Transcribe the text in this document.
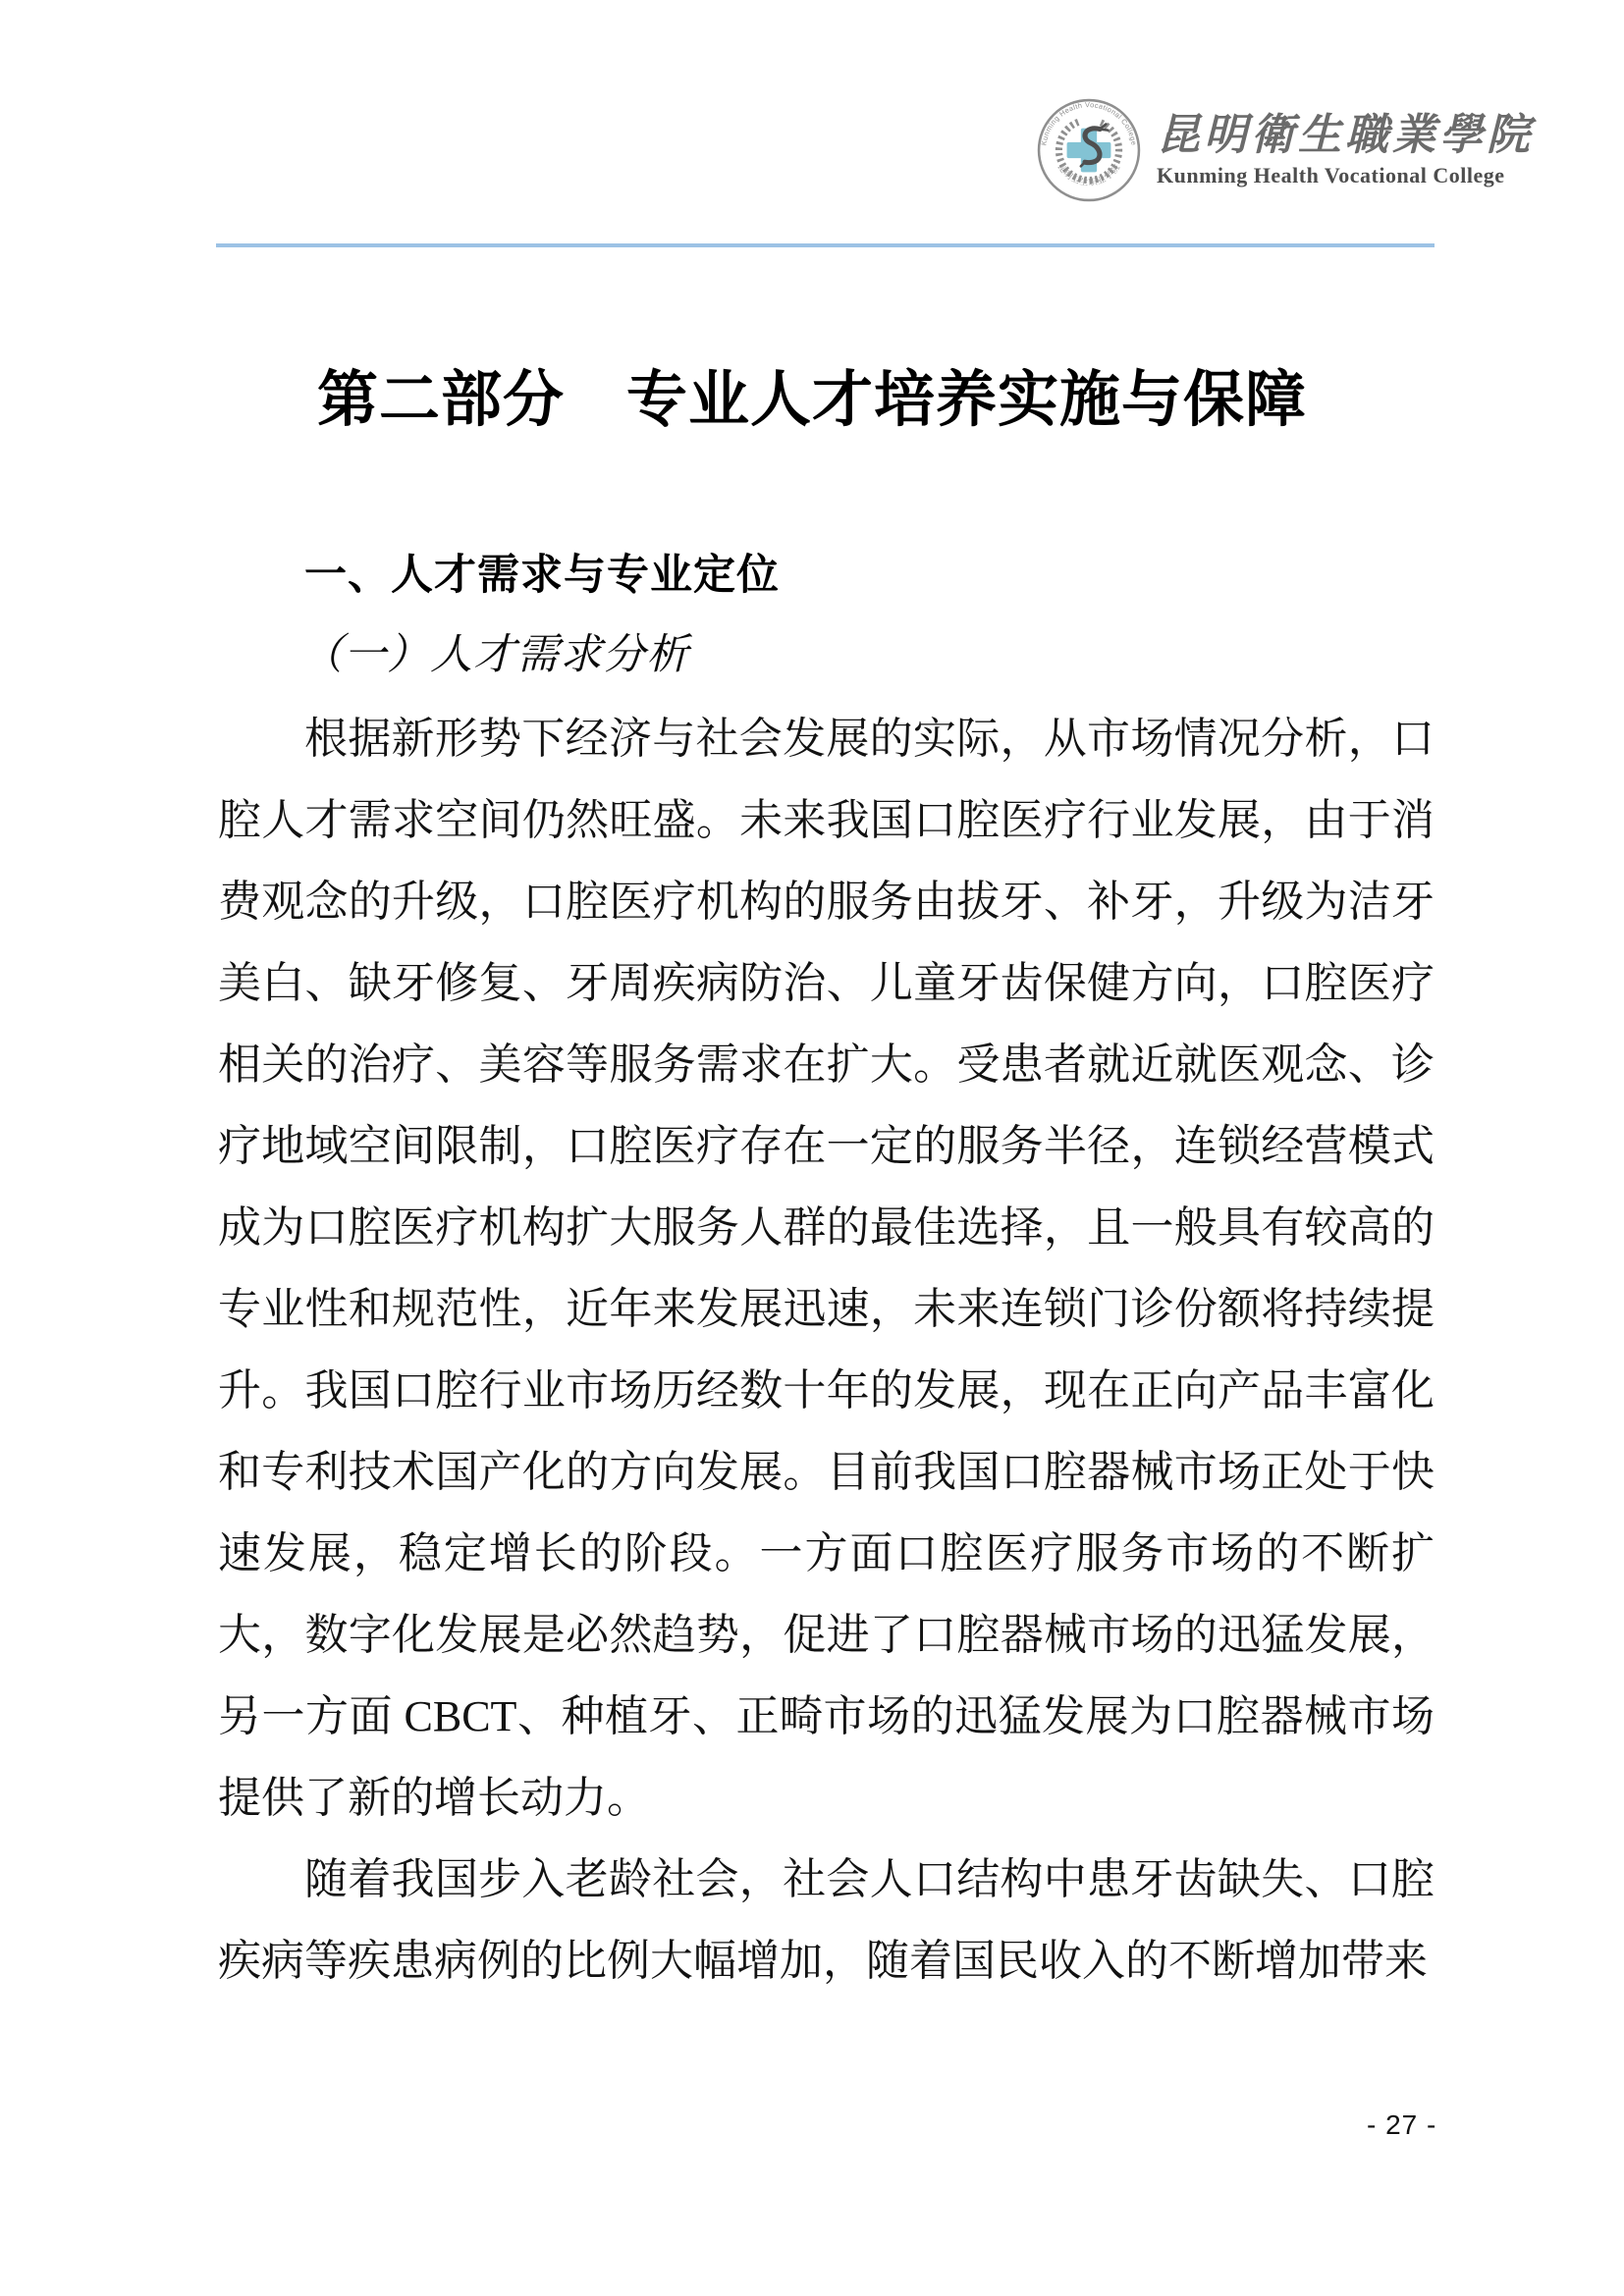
Kunming Health Vocational College
昆明卫生职业学院
昆明衛生職業學院
Kunming Health Vocational College
第二部分　专业人才培养实施与保障
一、人才需求与专业定位
（一）人才需求分析

根据新形势下经济与社会发展的实际，从市场情况分析，口腔人才需求空间仍然旺盛。未来我国口腔医疗行业发展，由于消费观念的升级，口腔医疗机构的服务由拔牙、补牙，升级为洁牙美白、缺牙修复、牙周疾病防治、儿童牙齿保健方向，口腔医疗相关的治疗、美容等服务需求在扩大。受患者就近就医观念、诊疗地域空间限制，口腔医疗存在一定的服务半径，连锁经营模式成为口腔医疗机构扩大服务人群的最佳选择，且一般具有较高的专业性和规范性，近年来发展迅速，未来连锁门诊份额将持续提升。我国口腔行业市场历经数十年的发展，现在正向产品丰富化和专利技术国产化的方向发展。目前我国口腔器械市场正处于快速发展，稳定增长的阶段。一方面口腔医疗服务市场的不断扩大，数字化发展是必然趋势，促进了口腔器械市场的迅猛发展，另一方面 CBCT、种植牙、正畸市场的迅猛发展为口腔器械市场提供了新的增长动力。

随着我国步入老龄社会，社会人口结构中患牙齿缺失、口腔疾病等疾患病例的比例大幅增加，随着国民收入的不断增加带来

- 27 -
